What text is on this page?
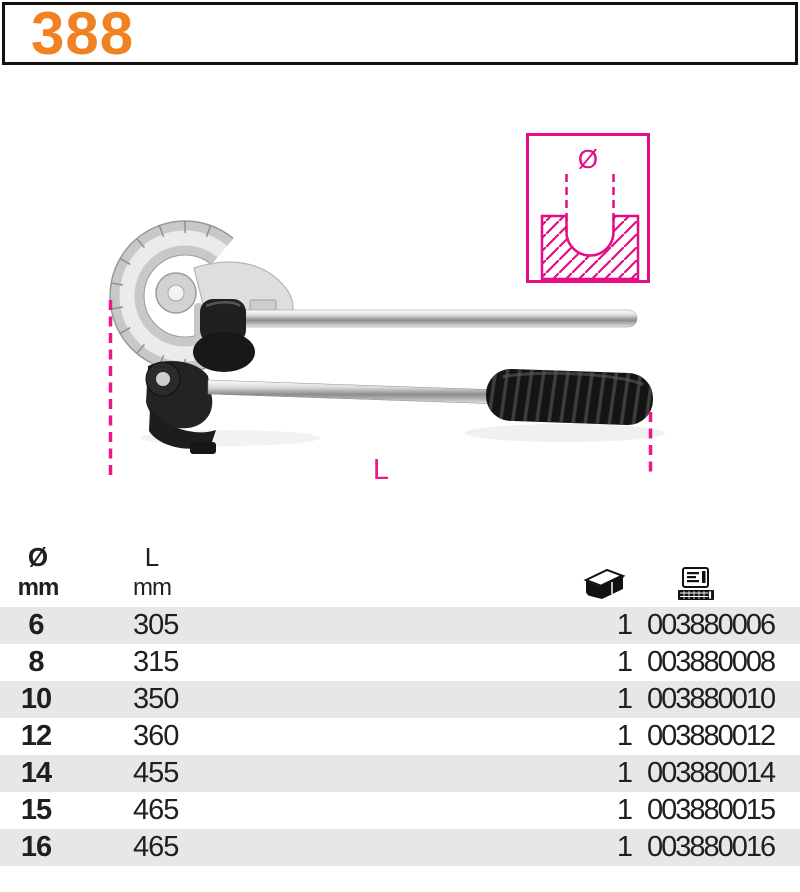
388
Ø
L
Ø
mm
L
mm
6	305	1 003880006
8	315	1 003880008
10	350	1 003880010
12	360	1 003880012
14	455	1 003880014
15	465	1 003880015
16	465	1 003880016
